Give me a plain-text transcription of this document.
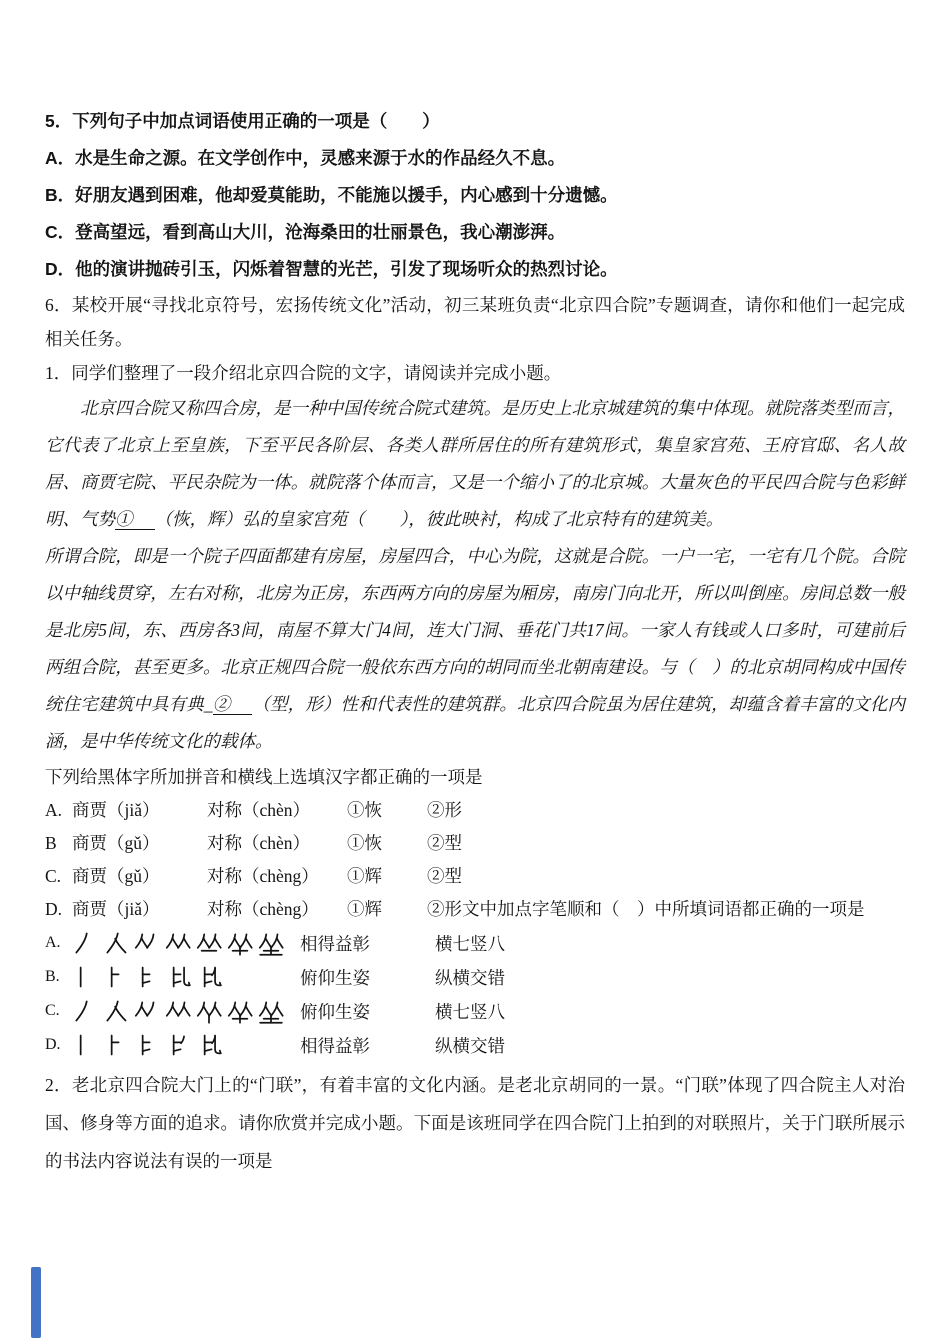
5．下列句子中加点词语使用正确的一项是（　　）
A．水是生命之源。在文学创作中，灵感来源于水的作品经久不息。
B．好朋友遇到困难，他却爱莫能助，不能施以援手，内心感到十分遗憾。
C．登高望远，看到高山大川，沧海桑田的壮丽景色，我心潮澎湃。
D．他的演讲抛砖引玉，闪烁着智慧的光芒，引发了现场听众的热烈讨论。

6．某校开展“寻找北京符号，宏扬传统文化”活动，初三某班负责“北京四合院”专题调查，请你和他们一起完成相关任务。

1．同学们整理了一段介绍北京四合院的文字，请阅读并完成小题。

北京四合院又称四合房，是一种中国传统合院式建筑。是历史上北京城建筑的集中体现。就院落类型而言，它代表了北京上至皇族，下至平民各阶层、各类人群所居住的所有建筑形式，集皇家宫苑、王府官邸、名人故居、商贾宅院、平民杂院为一体。就院落个体而言，又是一个缩小了的北京城。大量灰色的平民四合院与色彩鲜明、气势① （恢，辉）弘的皇家宫苑（　　），彼此映衬，构成了北京特有的建筑美。

所谓合院，即是一个院子四面都建有房屋，房屋四合，中心为院，这就是合院。一户一宅，一宅有几个院。合院以中轴线贯穿，左右对称，北房为正房，东西两方向的房屋为厢房，南房门向北开，所以叫倒座。房间总数一般是北房5间，东、西房各3间，南屋不算大门4间，连大门洞、垂花门共17间。一家人有钱或人口多时，可建前后两组合院，甚至更多。北京正规四合院一般依东西方向的胡同而坐北朝南建设。与（　）的北京胡同构成中国传统住宅建筑中具有典_② （型，形）性和代表性的建筑群。北京四合院虽为居住建筑，却蕴含着丰富的文化内涵，是中华传统文化的载体。

下列给黑体字所加拼音和横线上选填汉字都正确的一项是

A. 商贾（jiǎ）	对称（chèn）	①恢	②形
B 商贾（gǔ）	对称（chèn）	①恢	②型
C. 商贾（gǔ）	对称（chèng）	①辉	②型
D. 商贾（jiǎ）	对称（chèng）	①辉	②形 文中加点字笔顺和（　）中所填词语都正确的一项是
A.	相得益彰	横七竖八
B.	俯仰生姿	纵横交错
C.	俯仰生姿	横七竖八
D.	相得益彰	纵横交错

2．老北京四合院大门上的“门联”，有着丰富的文化内涵。是老北京胡同的一景。“门联”体现了四合院主人对治国、修身等方面的追求。请你欣赏并完成小题。下面是该班同学在四合院门上拍到的对联照片，关于门联所展示的书法内容说法有误的一项是
